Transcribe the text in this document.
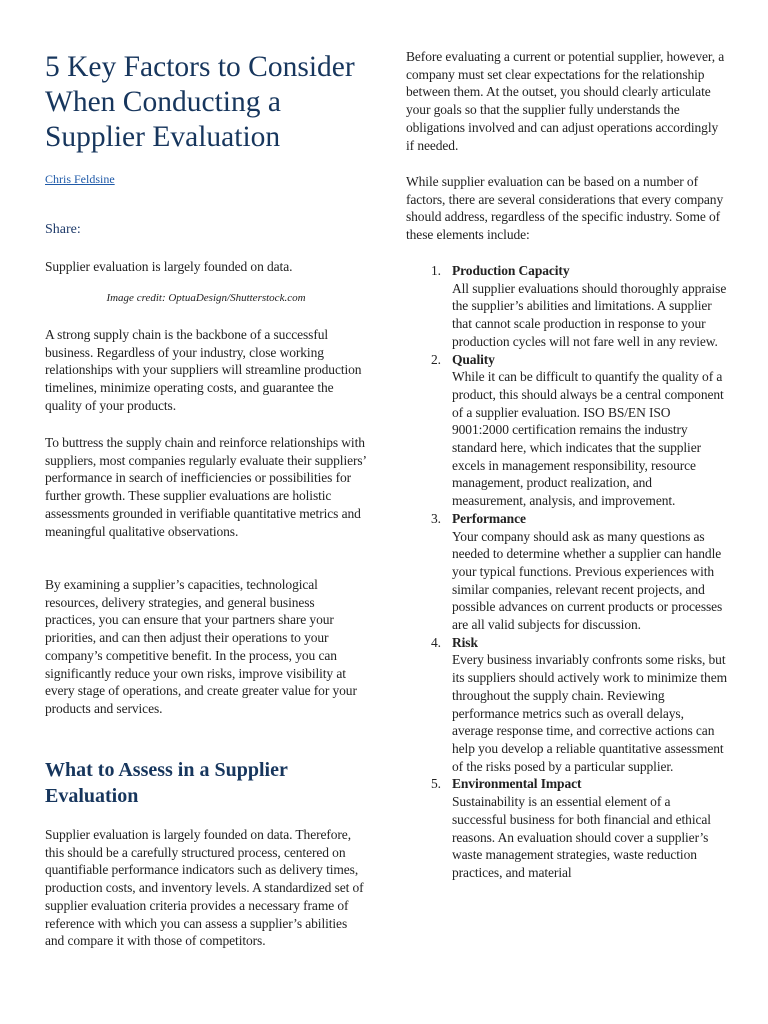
5 Key Factors to Consider When Conducting a Supplier Evaluation
Chris Feldsine
Share:

Supplier evaluation is largely founded on data.

Image credit: OptuaDesign/Shutterstock.com

A strong supply chain is the backbone of a successful business. Regardless of your industry, close working relationships with your suppliers will streamline production timelines, minimize operating costs, and guarantee the quality of your products.

To buttress the supply chain and reinforce relationships with suppliers, most companies regularly evaluate their suppliers’ performance in search of inefficiencies or possibilities for further growth. These supplier evaluations are holistic assessments grounded in verifiable quantitative metrics and meaningful qualitative observations.

By examining a supplier’s capacities, technological resources, delivery strategies, and general business practices, you can ensure that your partners share your priorities, and can then adjust their operations to your company’s competitive benefit. In the process, you can significantly reduce your own risks, improve visibility at every stage of operations, and create greater value for your products and services.

What to Assess in a Supplier Evaluation

Supplier evaluation is largely founded on data. Therefore, this should be a carefully structured process, centered on quantifiable performance indicators such as delivery times, production costs, and inventory levels. A standardized set of supplier evaluation criteria provides a necessary frame of reference with which you can assess a supplier’s abilities and compare it with those of competitors.

Before evaluating a current or potential supplier, however, a company must set clear expectations for the relationship between them. At the outset, you should clearly articulate your goals so that the supplier fully understands the obligations involved and can adjust operations accordingly if needed.

While supplier evaluation can be based on a number of factors, there are several considerations that every company should address, regardless of the specific industry. Some of these elements include:

1. Production Capacity
All supplier evaluations should thoroughly appraise the supplier’s abilities and limitations. A supplier that cannot scale production in response to your production cycles will not fare well in any review.
2. Quality
While it can be difficult to quantify the quality of a product, this should always be a central component of a supplier evaluation. ISO BS/EN ISO 9001:2000 certification remains the industry standard here, which indicates that the supplier excels in management responsibility, resource management, product realization, and measurement, analysis, and improvement.
3. Performance
Your company should ask as many questions as needed to determine whether a supplier can handle your typical functions. Previous experiences with similar companies, relevant recent projects, and possible advances on current products or processes are all valid subjects for discussion.
4. Risk
Every business invariably confronts some risks, but its suppliers should actively work to minimize them throughout the supply chain. Reviewing performance metrics such as overall delays, average response time, and corrective actions can help you develop a reliable quantitative assessment of the risks posed by a particular supplier.
5. Environmental Impact
Sustainability is an essential element of a successful business for both financial and ethical reasons. An evaluation should cover a supplier’s waste management strategies, waste reduction practices, and material
